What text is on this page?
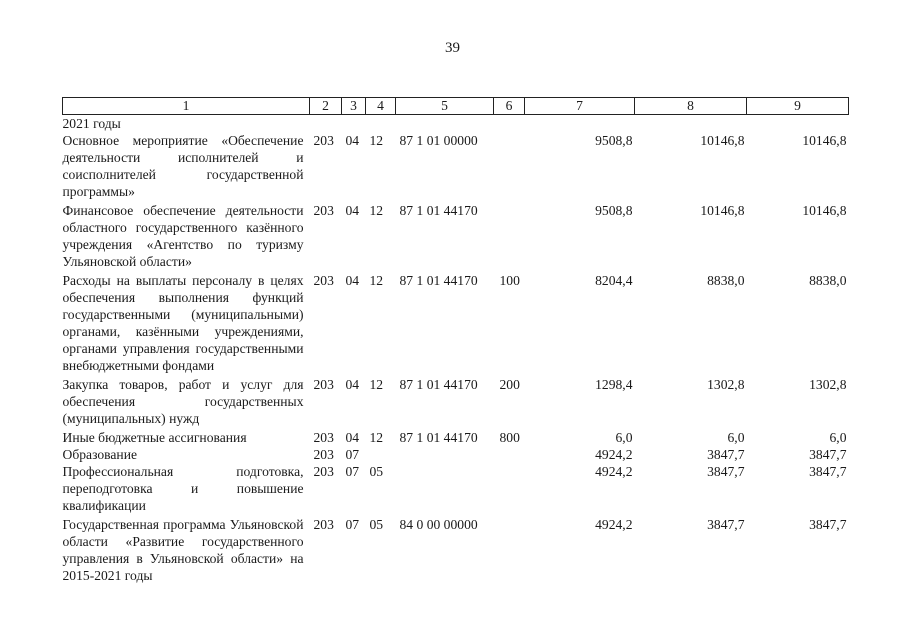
39
1	2	3	4	5	6	7	8	9
2021 годы								
Основное мероприятие «Обеспечение деятельности исполнителей и соисполнителей государственной программы»	203	04	12	87 1 01 00000		9508,8	10146,8	10146,8
Финансовое обеспечение деятельности областного государственного казённого учреждения «Агентство по туризму Ульяновской области»	203	04	12	87 1 01 44170		9508,8	10146,8	10146,8
Расходы на выплаты персоналу в целях обеспечения выполнения функций государственными (муниципальными) органами, казёнными учреждениями, органами управления государственными внебюджетными фондами	203	04	12	87 1 01 44170	100	8204,4	8838,0	8838,0
Закупка товаров, работ и услуг для обеспечения государственных (муниципальных) нужд	203	04	12	87 1 01 44170	200	1298,4	1302,8	1302,8
Иные бюджетные ассигнования	203	04	12	87 1 01 44170	800	6,0	6,0	6,0
Образование	203	07				4924,2	3847,7	3847,7
Профессиональная подготовка, переподготовка и повышение квалификации	203	07	05			4924,2	3847,7	3847,7
Государственная программа Ульяновской области «Развитие государственного управления в Ульяновской области» на 2015-2021 годы	203	07	05	84 0 00 00000		4924,2	3847,7	3847,7
